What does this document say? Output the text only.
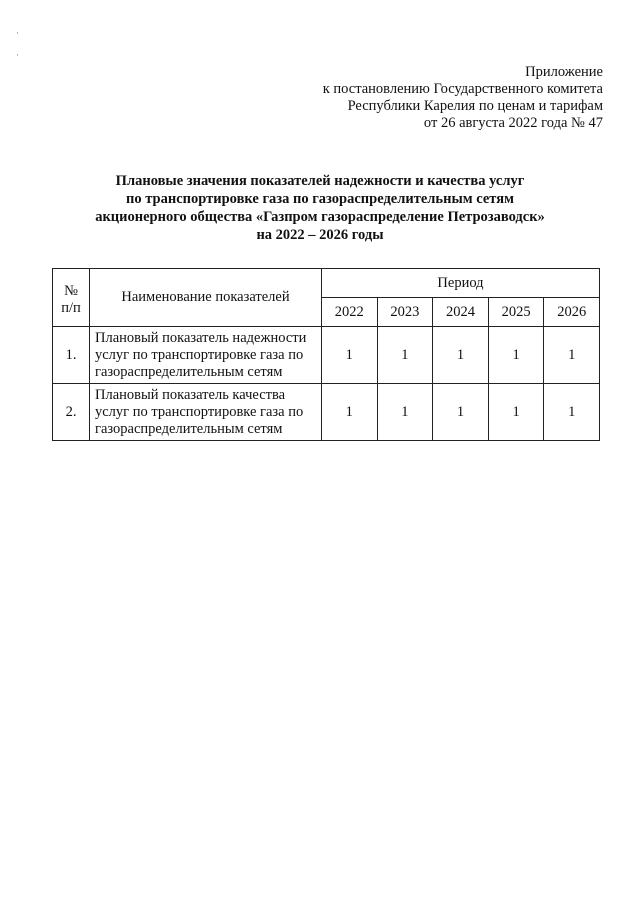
·
·
Приложение
к постановлению Государственного комитета
Республики Карелия по ценам и тарифам
от 26 августа 2022 года № 47
Плановые значения показателей надежности и качества услуг
по транспортировке газа по газораспределительным сетям
акционерного общества «Газпром газораспределение Петрозаводск»
на 2022 – 2026 годы
№
п/п	Наименование показателей	Период				
		2022	2023	2024	2025	2026
1.	Плановый показатель надежности услуг по транспортировке газа по газораспределительным сетям	1	1	1	1	1
2.	Плановый показатель качества услуг по транспортировке газа по газораспределительным сетям	1	1	1	1	1
